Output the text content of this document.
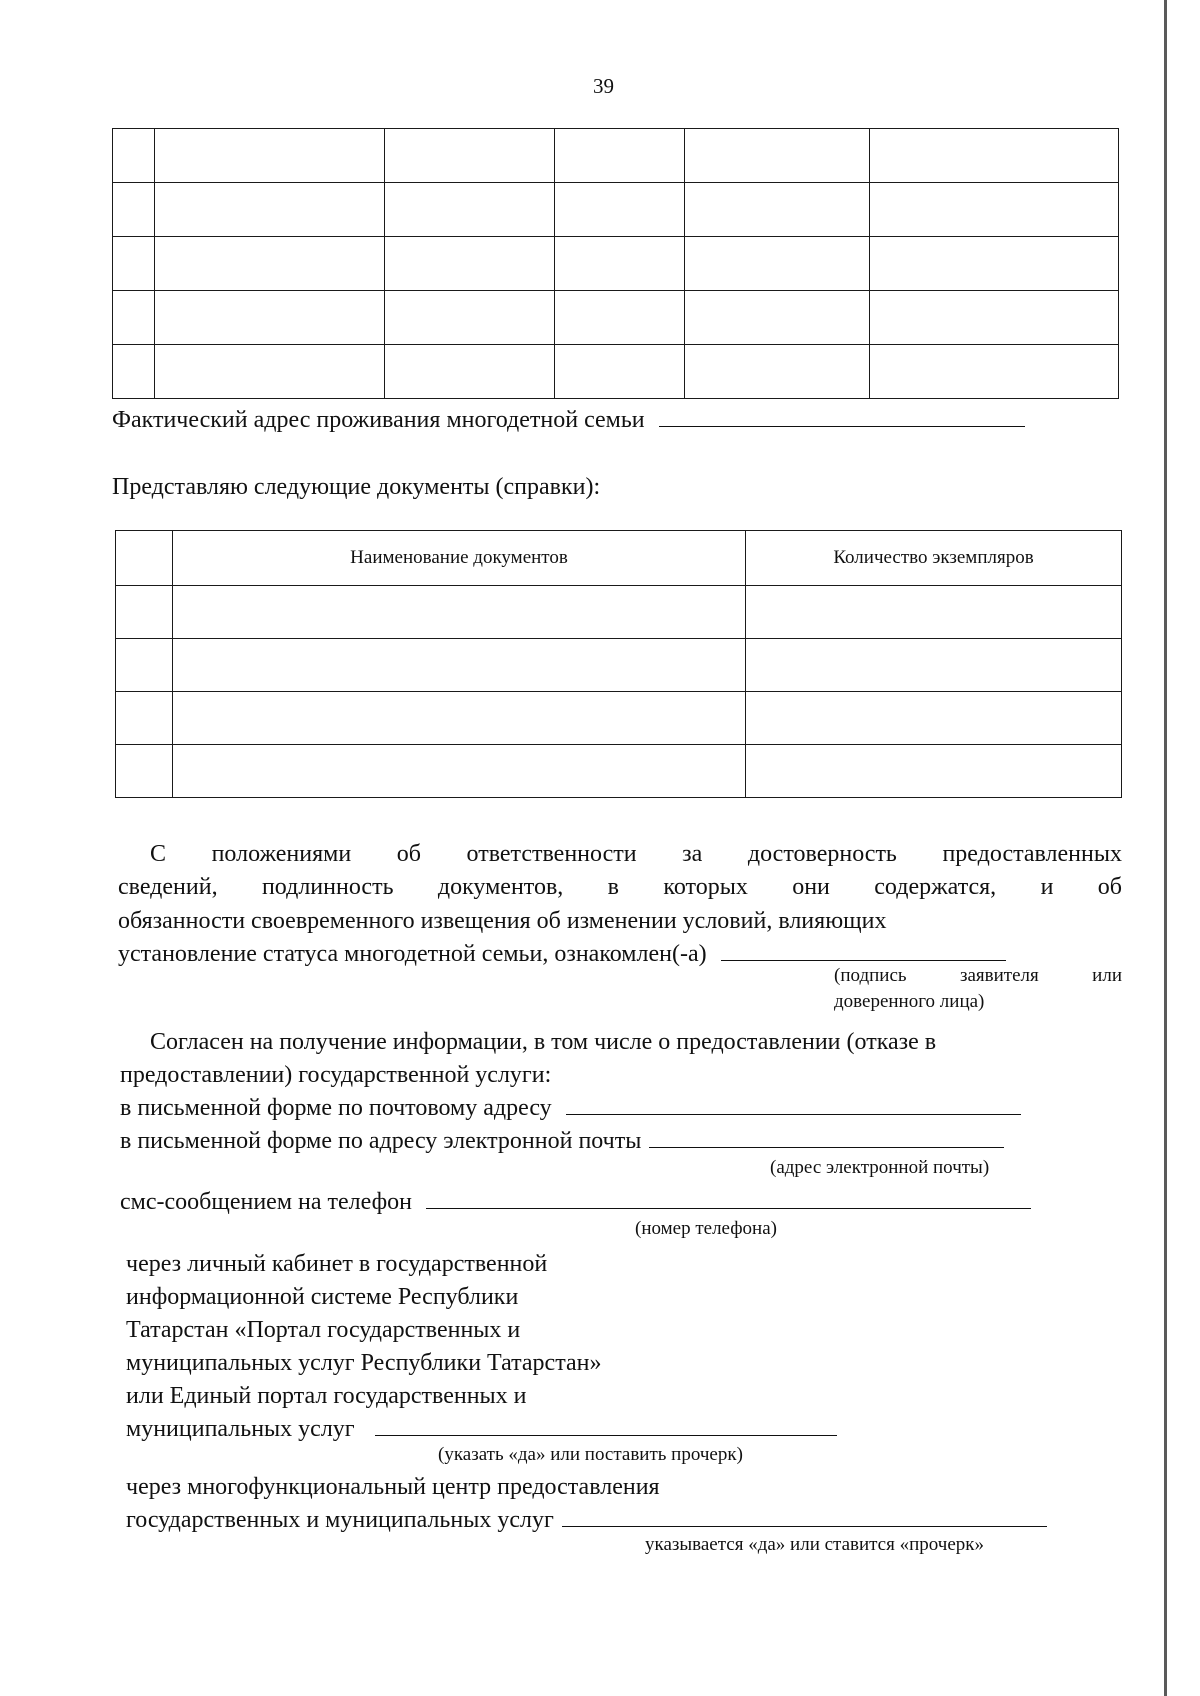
39

Фактический адрес проживания многодетной семьи
Представляю следующие документы (справки):
	Наименование документов	Количество экземпляров

С положениями об ответственности за достоверность предоставленных
сведений, подлинность документов, в которых они содержатся, и об
обязанности своевременного извещения об изменении условий, влияющих
установление статуса многодетной семьи, ознакомлен(-а)
(подпись заявителя или
доверенного лица)
Согласен на получение информации, в том числе о предоставлении (отказе в
предоставлении) государственной услуги:
в письменной форме по почтовому адресу
в письменной форме по адресу электронной почты
(адрес электронной почты)
смс-сообщением на телефон
(номер телефона)
через личный кабинет в государственной
информационной системе Республики
Татарстан «Портал государственных и
муниципальных услуг Республики Татарстан»
или Единый портал государственных и
муниципальных услуг
(указать «да» или поставить прочерк)
через многофункциональный центр предоставления
государственных и муниципальных услуг
указывается «да» или ставится «прочерк»
